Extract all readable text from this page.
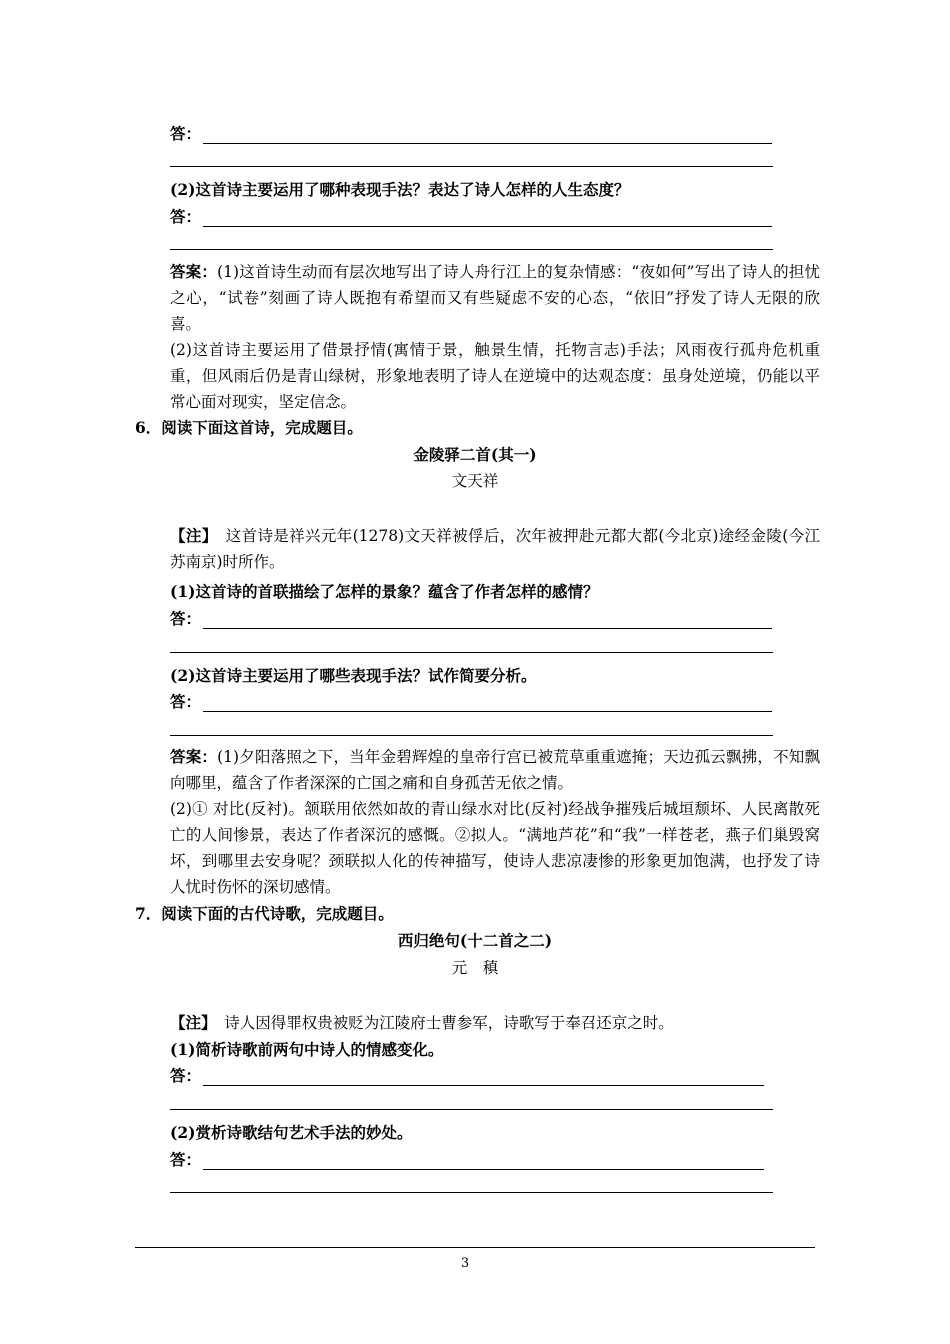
答：
(2)这首诗主要运用了哪种表现手法？表达了诗人怎样的人生态度？
答：
答案：(1)这首诗生动而有层次地写出了诗人舟行江上的复杂情感：“夜如何”写出了诗人的担忧之心，“试卷”刻画了诗人既抱有希望而又有些疑虑不安的心态，“依旧”抒发了诗人无限的欣喜。
(2)这首诗主要运用了借景抒情(寓情于景，触景生情，托物言志)手法；风雨夜行孤舟危机重重，但风雨后仍是青山绿树，形象地表明了诗人在逆境中的达观态度：虽身处逆境，仍能以平常心面对现实，坚定信念。
6．阅读下面这首诗，完成题目。
金陵驿二首(其一)
文天祥
【注】　 这首诗是祥兴元年(1278)文天祥被俘后，次年被押赴元都大都(今北京)途经金陵(今江苏南京)时所作。
(1)这首诗的首联描绘了怎样的景象？蕴含了作者怎样的感情？
答：
(2)这首诗主要运用了哪些表现手法？试作简要分析。
答：
答案：(1)夕阳落照之下，当年金碧辉煌的皇帝行宫已被荒草重重遮掩；天边孤云飘拂，不知飘向哪里，蕴含了作者深深的亡国之痛和自身孤苦无依之情。
(2)① 对比(反衬)。颔联用依然如故的青山绿水对比(反衬)经战争摧残后城垣颓坏、人民离散死亡的人间惨景，表达了作者深沉的感慨。②拟人。“满地芦花”和“我”一样苍老，燕子们巢毁窝坏，到哪里去安身呢？颈联拟人化的传神描写，使诗人悲凉凄惨的形象更加饱满，也抒发了诗人忧时伤怀的深切感情。
7．阅读下面的古代诗歌，完成题目。
西归绝句(十二首之二)
元　稹
【注】　 诗人因得罪权贵被贬为江陵府士曹参军，诗歌写于奉召还京之时。
(1)简析诗歌前两句中诗人的情感变化。
答：
(2)赏析诗歌结句艺术手法的妙处。
答：
3
